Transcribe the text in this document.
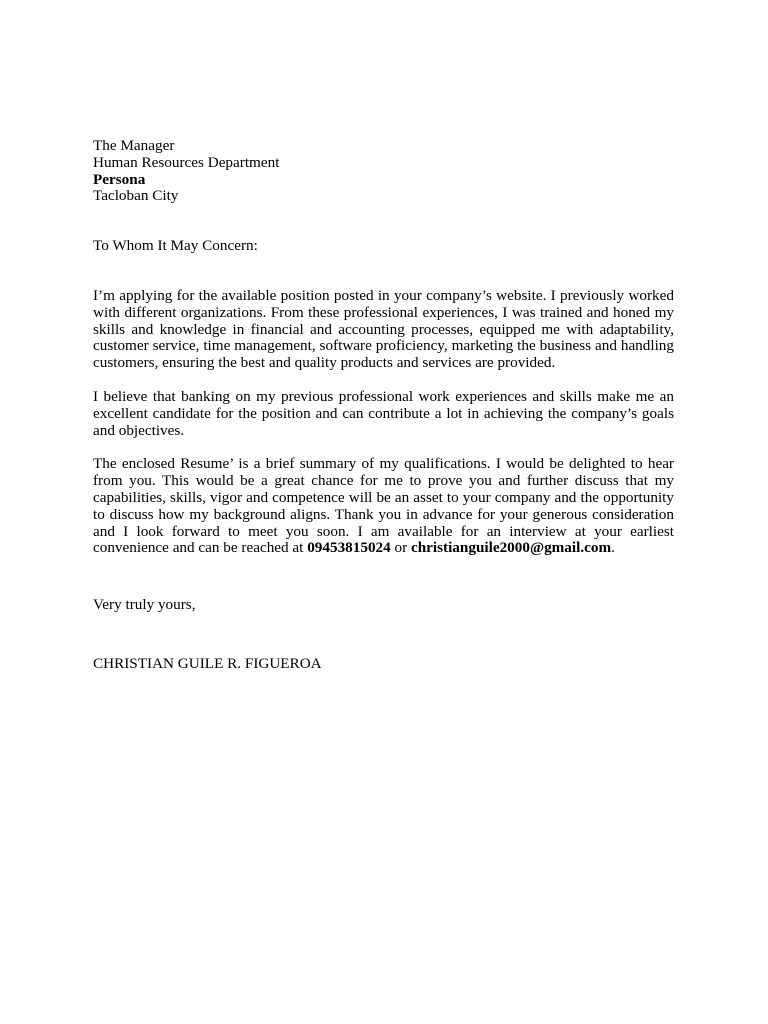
The Manager
Human Resources Department
Persona
Tacloban City
To Whom It May Concern:

I’m applying for the available position posted in your company’s website. I previously worked with different organizations. From these professional experiences, I was trained and honed my skills and knowledge in financial and accounting processes, equipped me with adaptability, customer service, time management, software proficiency, marketing the business and handling customers, ensuring the best and quality products and services are provided.

I believe that banking on my previous professional work experiences and skills make me an excellent candidate for the position and can contribute a lot in achieving the company’s goals and objectives.

The enclosed Resume’ is a brief summary of my qualifications. I would be delighted to hear from you. This would be a great chance for me to prove you and further discuss that my capabilities, skills, vigor and competence will be an asset to your company and the opportunity to discuss how my background aligns. Thank you in advance for your generous consideration and I look forward to meet you soon. I am available for an interview at your earliest convenience and can be reached at 09453815024 or christianguile2000@gmail.com.

Very truly yours,
CHRISTIAN GUILE R. FIGUEROA
